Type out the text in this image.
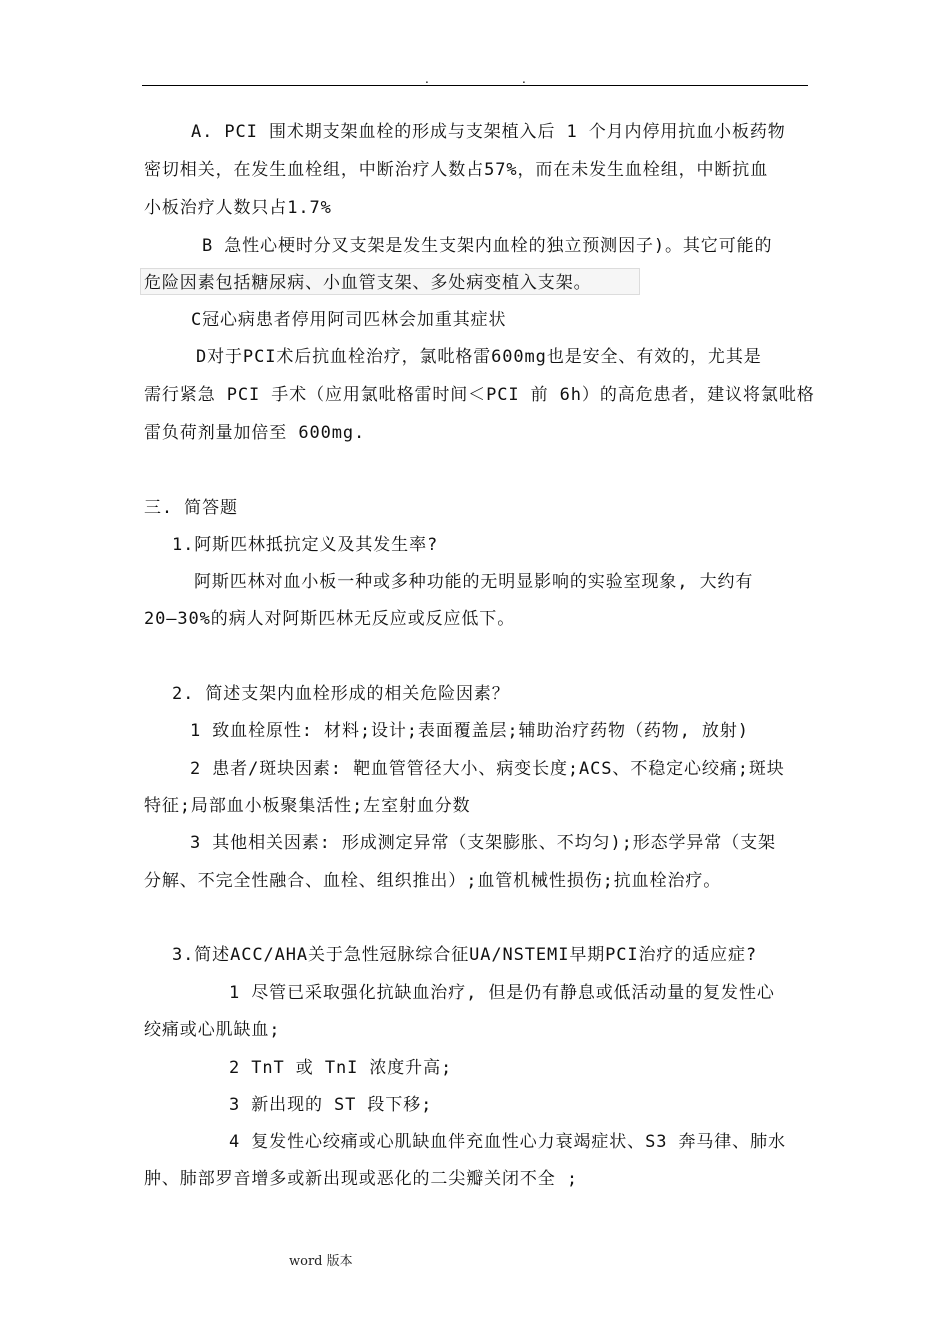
.	.
A. PCI 围术期支架血栓的形成与支架植入后 1 个月内停用抗血小板药物
密切相关，在发生血栓组，中断治疗人数占57%，而在未发生血栓组，中断抗血
小板治疗人数只占1.7%
B 急性心梗时分叉支架是发生支架内血栓的独立预测因子)。其它可能的
危险因素包括糖尿病、小血管支架、多处病变植入支架。
C冠心病患者停用阿司匹林会加重其症状
D对于PCI术后抗血栓治疗，氯吡格雷600mg也是安全、有效的，尤其是
需行紧急 PCI 手术（应用氯吡格雷时间＜PCI 前 6h）的高危患者，建议将氯吡格
雷负荷剂量加倍至 600mg.
三. 简答题
1.阿斯匹林抵抗定义及其发生率?
阿斯匹林对血小板一种或多种功能的无明显影响的实验室现象, 大约有
20—30%的病人对阿斯匹林无反应或反应低下。
2. 简述支架内血栓形成的相关危险因素？
1 致血栓原性: 材料;设计;表面覆盖层;辅助治疗药物（药物, 放射)
2 患者/斑块因素: 靶血管管径大小、病变长度;ACS、不稳定心绞痛;斑块
特征;局部血小板聚集活性;左室射血分数
3 其他相关因素: 形成测定异常（支架膨胀、不均匀);形态学异常（支架
分解、不完全性融合、血栓、组织推出）;血管机械性损伤;抗血栓治疗。
3.简述ACC/AHA关于急性冠脉综合征UA/NSTEMI早期PCI治疗的适应症?
1 尽管已采取强化抗缺血治疗, 但是仍有静息或低活动量的复发性心
绞痛或心肌缺血;
2 TnT 或 TnI 浓度升高;
3 新出现的 ST 段下移;
4 复发性心绞痛或心肌缺血伴充血性心力衰竭症状、S3 奔马律、肺水
肿、肺部罗音增多或新出现或恶化的二尖瓣关闭不全 ;
word 版本
